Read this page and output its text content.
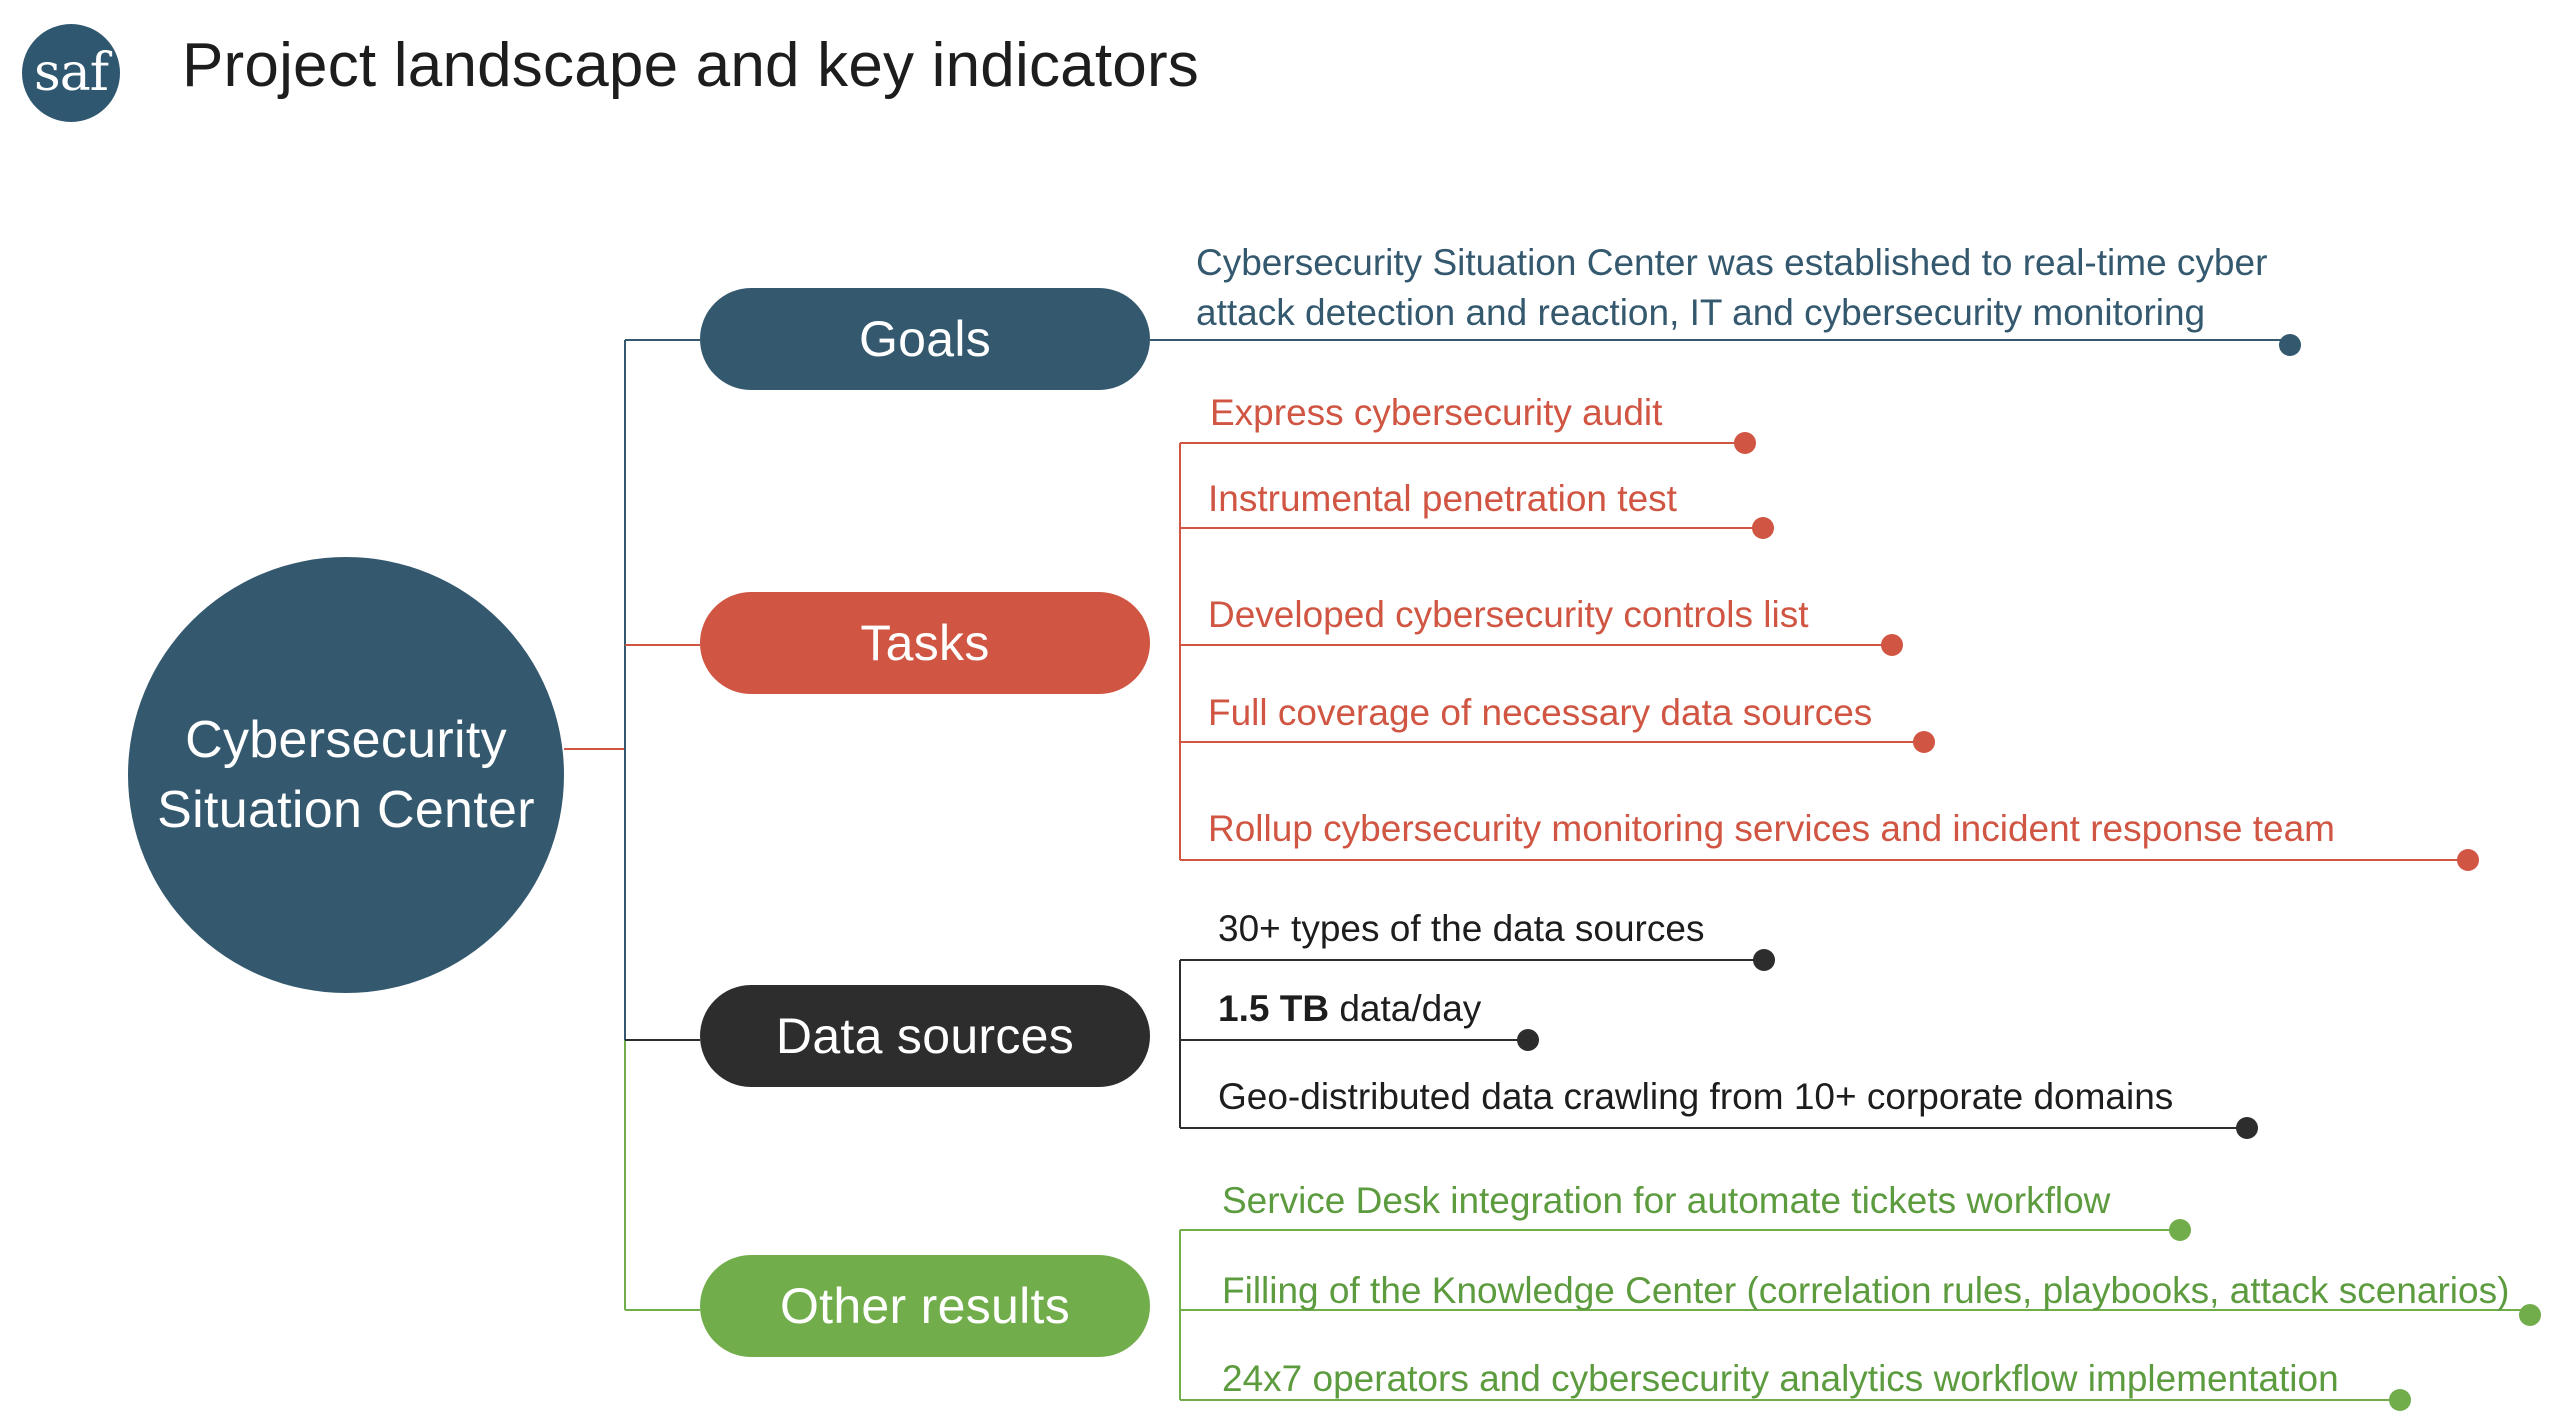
saf Project landscape and key indicators
Cybersecurity Situation Center
Goals
Tasks
Data sources
Other results
Cybersecurity Situation Center was established to real-time cyber attack detection and reaction, IT and cybersecurity monitoring
Express cybersecurity audit
Instrumental penetration test
Developed cybersecurity controls list
Full coverage of necessary data sources
Rollup cybersecurity monitoring services and incident response team
30+ types of the data sources
1.5 TB data/day
Geo-distributed data crawling from 10+ corporate domains
Service Desk integration for automate tickets workflow
Filling of the Knowledge Center (correlation rules, playbooks, attack scenarios)
24x7 operators and cybersecurity analytics workflow implementation
